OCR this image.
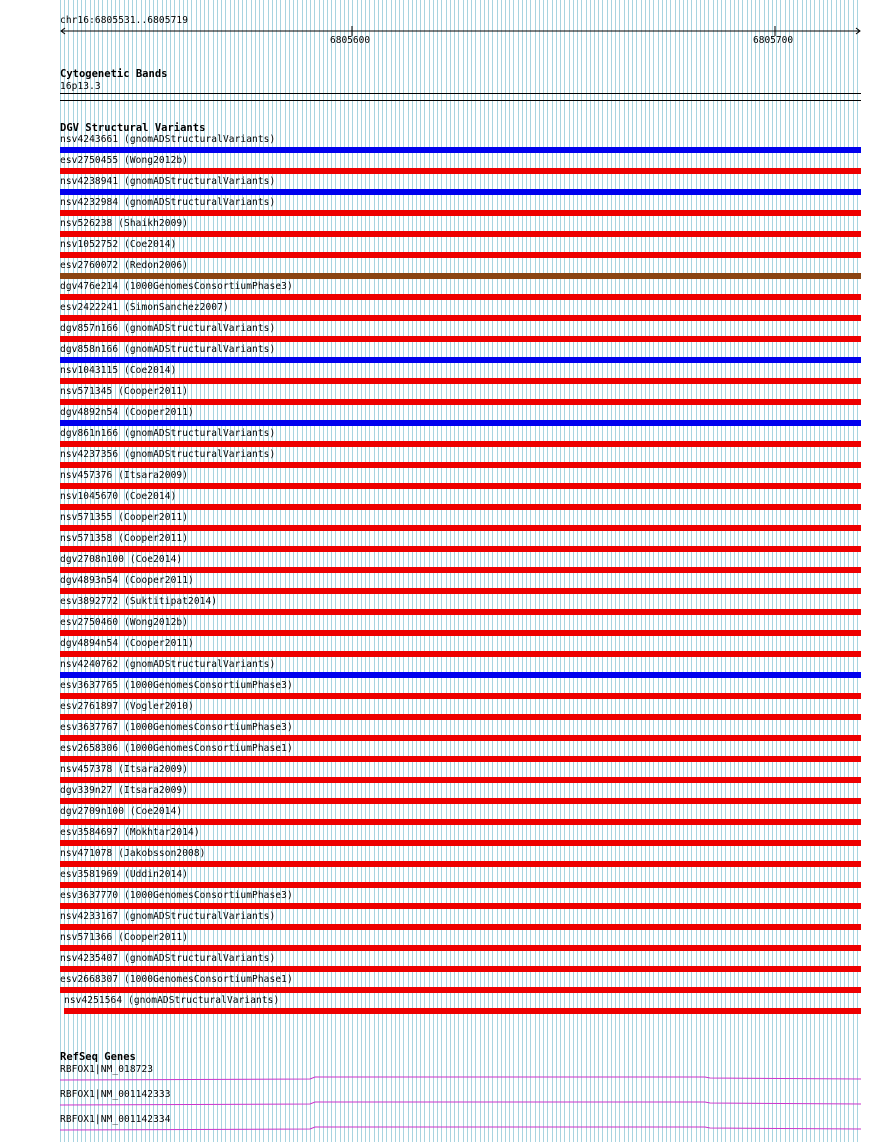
chr16:6805531..6805719
6805600	6805700
Cytogenetic Bands
16p13.3
DGV Structural Variants
nsv4243661 (gnomADStructuralVariants)
esv2750455 (Wong2012b)
nsv4238941 (gnomADStructuralVariants)
nsv4232984 (gnomADStructuralVariants)
nsv526238 (Shaikh2009)
nsv1052752 (Coe2014)
esv2760072 (Redon2006)
dgv476e214 (1000GenomesConsortiumPhase3)
esv2422241 (SimonSanchez2007)
dgv857n166 (gnomADStructuralVariants)
dgv858n166 (gnomADStructuralVariants)
nsv1043115 (Coe2014)
nsv571345 (Cooper2011)
dgv4892n54 (Cooper2011)
dgv861n166 (gnomADStructuralVariants)
nsv4237356 (gnomADStructuralVariants)
nsv457376 (Itsara2009)
nsv1045670 (Coe2014)
nsv571355 (Cooper2011)
nsv571358 (Cooper2011)
dgv2708n100 (Coe2014)
dgv4893n54 (Cooper2011)
esv3892772 (Suktitipat2014)
esv2750460 (Wong2012b)
dgv4894n54 (Cooper2011)
nsv4240762 (gnomADStructuralVariants)
esv3637765 (1000GenomesConsortiumPhase3)
esv2761897 (Vogler2010)
esv3637767 (1000GenomesConsortiumPhase3)
esv2658306 (1000GenomesConsortiumPhase1)
nsv457378 (Itsara2009)
dgv339n27 (Itsara2009)
dgv2709n100 (Coe2014)
esv3584697 (Mokhtar2014)
nsv471078 (Jakobsson2008)
esv3581969 (Uddin2014)
esv3637770 (1000GenomesConsortiumPhase3)
nsv4233167 (gnomADStructuralVariants)
nsv571366 (Cooper2011)
nsv4235407 (gnomADStructuralVariants)
esv2668307 (1000GenomesConsortiumPhase1)
nsv4251564 (gnomADStructuralVariants)
RefSeq Genes
RBFOX1|NM_018723
RBFOX1|NM_001142333
RBFOX1|NM_001142334
